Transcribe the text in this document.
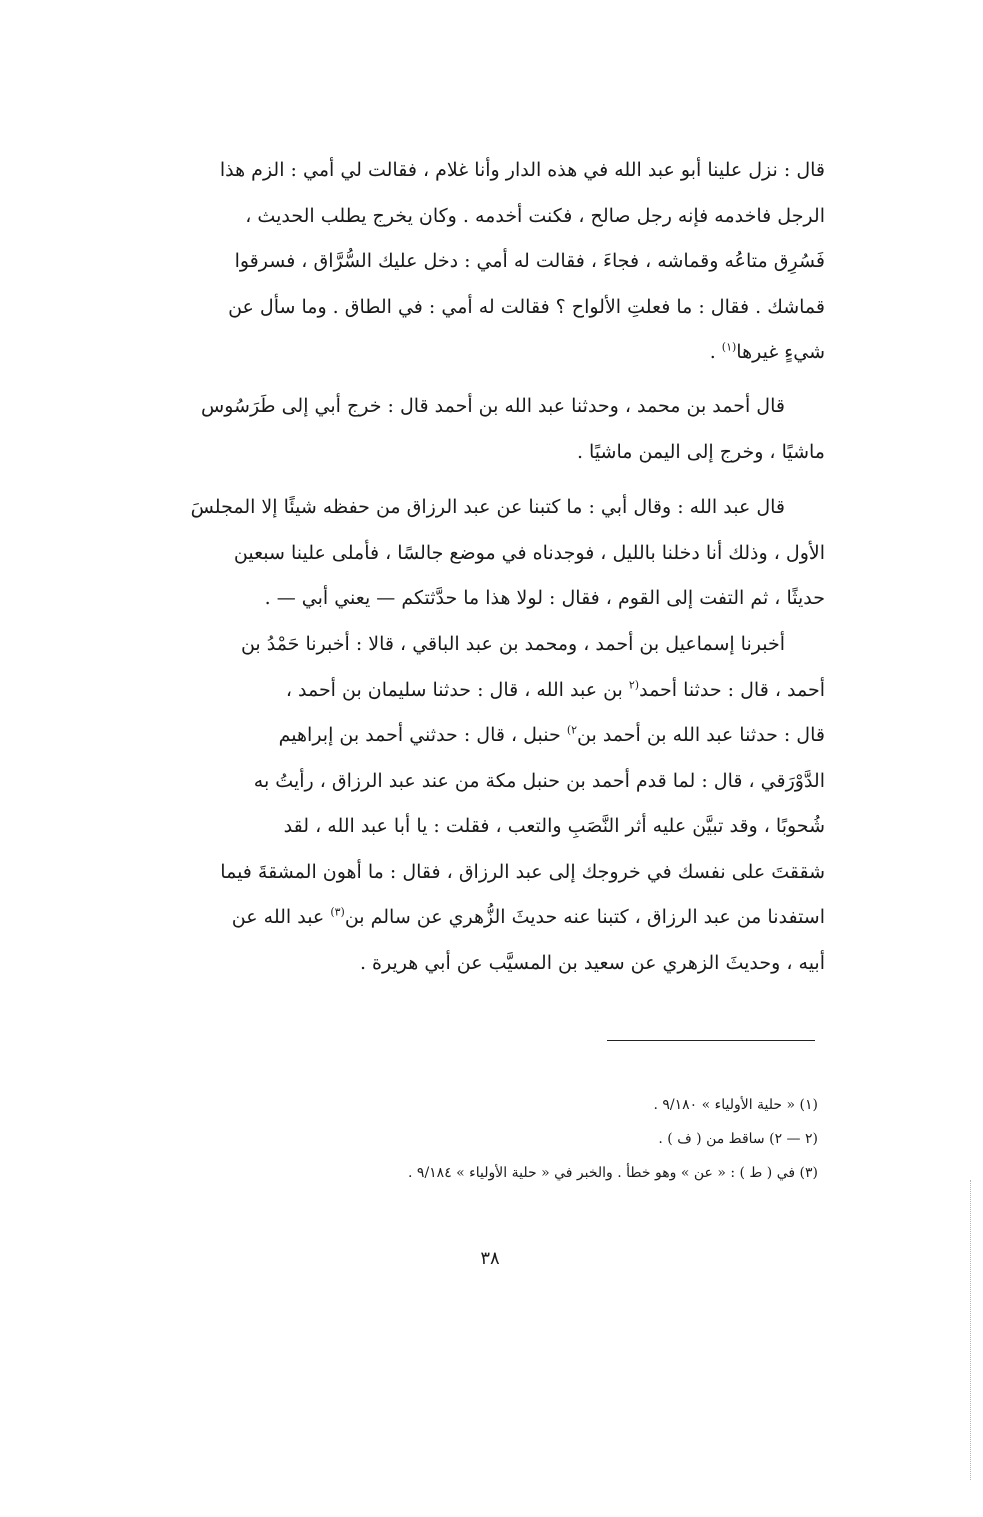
قال : نزل علينا أبو عبد الله في هذه الدار وأنا غلام ، فقالت لي أمي : الزم هذا
الرجل فاخدمه فإنه رجل صالح ، فكنت أخدمه . وكان يخرج يطلب الحديث ،
فَسُرِق متاعُه وقماشه ، فجاءَ ، فقالت له أمي : دخل عليك السُّرَّاق ، فسرقوا
قماشك . فقال : ما فعلتِ الألواح ؟ فقالت له أمي : في الطاق . وما سأل عن
شيءٍ غيرها$^{(١)}$ .
قال أحمد بن محمد ، وحدثنا عبد الله بن أحمد قال : خرج أبي إلى طَرَسُوس
ماشيًا ، وخرج إلى اليمن ماشيًا .
قال عبد الله : وقال أبي : ما كتبنا عن عبد الرزاق من حفظه شيئًا إلا المجلسَ
الأول ، وذلك أنا دخلنا بالليل ، فوجدناه في موضع جالسًا ، فأملى علينا سبعين
حديثًا ، ثم التفت إلى القوم ، فقال : لولا هذا ما حدَّثتكم — يعني أبي — .
أخبرنا إسماعيل بن أحمد ، ومحمد بن عبد الباقي ، قالا : أخبرنا حَمْدُ بن
أحمد ، قال : حدثنا أحمد$^{(٢}$ بن عبد الله ، قال : حدثنا سليمان بن أحمد ،
قال : حدثنا عبد الله بن أحمد بن$^{٢)}$ حنبل ، قال : حدثني أحمد بن إبراهيم
الدَّوْرَقي ، قال : لما قدم أحمد بن حنبل مكة من عند عبد الرزاق ، رأيتُ به
شُحوبًا ، وقد تبيَّن عليه أثر النَّصَبِ والتعب ، فقلت : يا أبا عبد الله ، لقد
شققتَ على نفسك في خروجك إلى عبد الرزاق ، فقال : ما أهون المشقةَ فيما
استفدنا من عبد الرزاق ، كتبنا عنه حديثَ الزُّهري عن سالم بن$^{(٣)}$ عبد الله عن
أبيه ، وحديثَ الزهري عن سعيد بن المسيَّب عن أبي هريرة .
(١) « حلية الأولياء » ٩/١٨٠ .
(٢ — ٢) ساقط من ( ف ) .
(٣) في ( ط ) : « عن » وهو خطأ . والخبر في « حلية الأولياء » ٩/١٨٤ .
٣٨
